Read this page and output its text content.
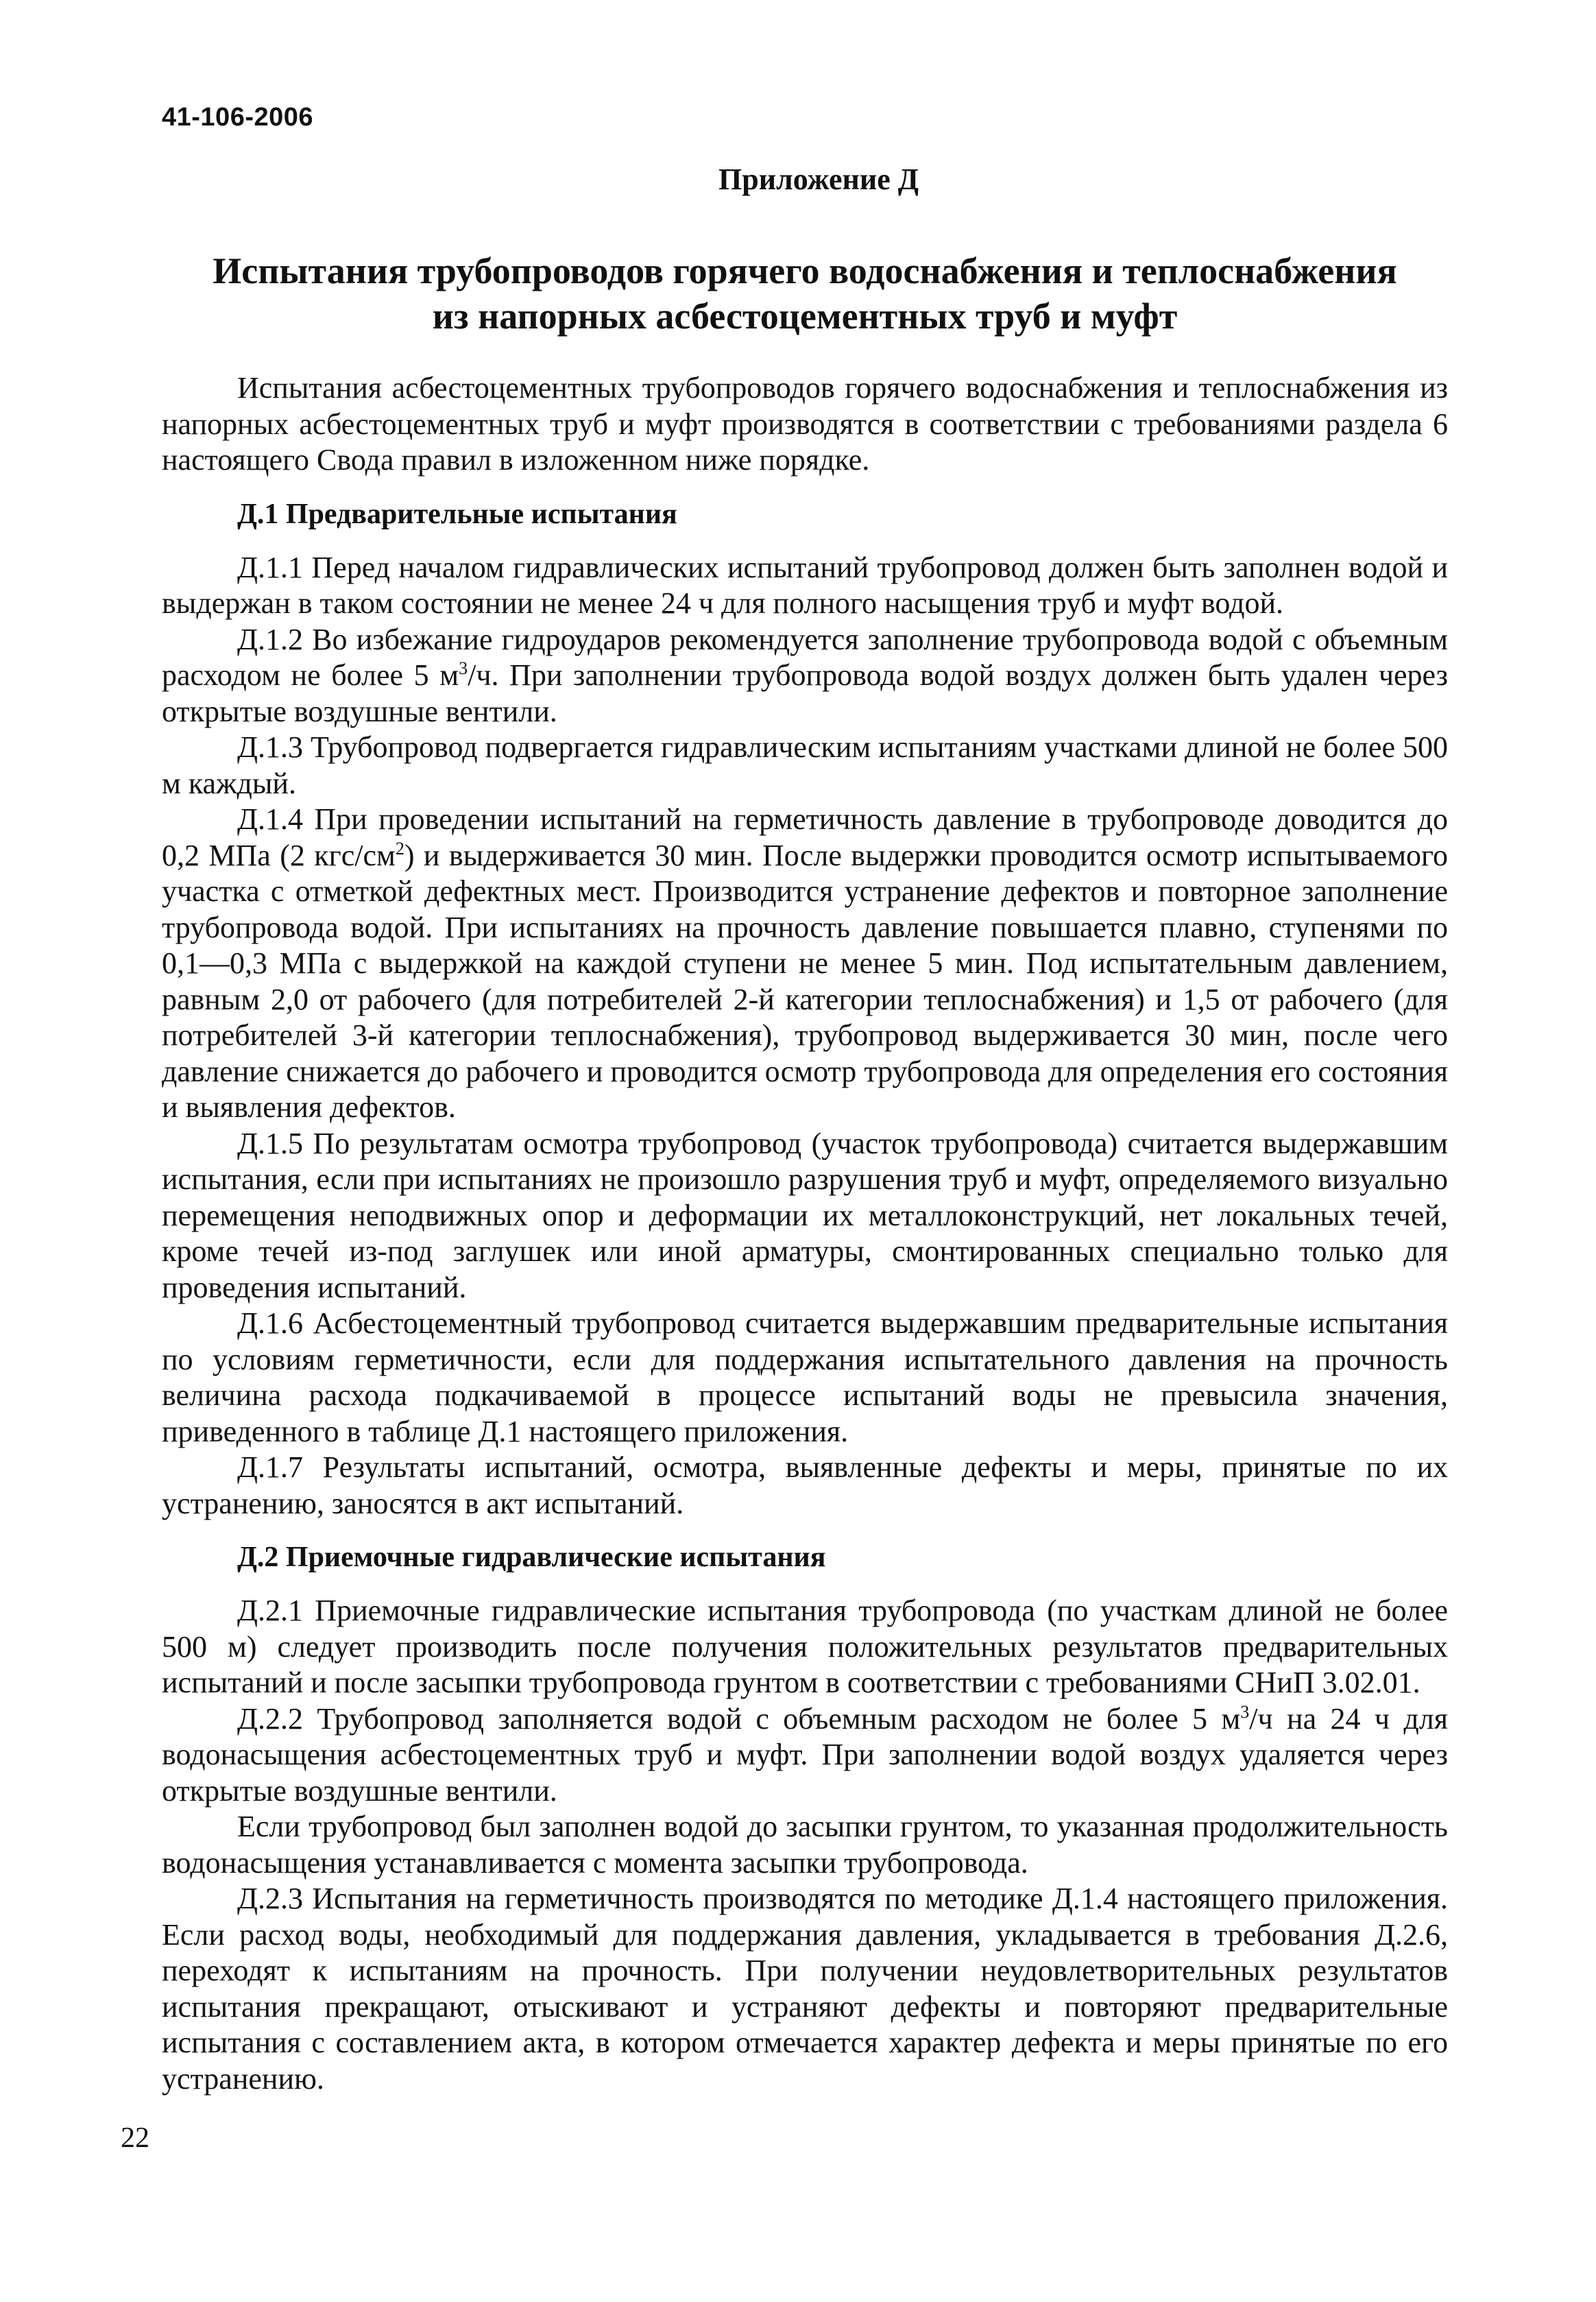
41-106-2006
Приложение Д
Испытания трубопроводов горячего водоснабжения и теплоснабжения
из напорных асбестоцементных труб и муфт

Испытания асбестоцементных трубопроводов горячего водоснабжения и теплоснабжения из напорных асбестоцементных труб и муфт производятся в соответствии с требованиями раздела 6 настоящего Свода правил в изложенном ниже порядке.

Д.1 Предварительные испытания

Д.1.1 Перед началом гидравлических испытаний трубопровод должен быть заполнен водой и выдержан в таком состоянии не менее 24 ч для полного насыщения труб и муфт водой.

Д.1.2 Во избежание гидроударов рекомендуется заполнение трубопровода водой с объемным расходом не более 5 $м^3/ч$. При заполнении трубопровода водой воздух должен быть удален через открытые воздушные вентили.

Д.1.3 Трубопровод подвергается гидравлическим испытаниям участками длиной не более 500 м каждый.

Д.1.4 При проведении испытаний на герметичность давление в трубопроводе доводится до 0,2 МПа (2 кгс/$см^2$) и выдерживается 30 мин. После выдержки проводится осмотр испытываемого участка с отметкой дефектных мест. Производится устранение дефектов и повторное заполнение трубопровода водой. При испытаниях на прочность давление повышается плавно, ступенями по 0,1—0,3 МПа с выдержкой на каждой ступени не менее 5 мин. Под испытательным давлением, равным 2,0 от рабочего (для потребителей 2-й категории теплоснабжения) и 1,5 от рабочего (для потребителей 3-й категории теплоснабжения), трубопровод выдерживается 30 мин, после чего давление снижается до рабочего и проводится осмотр трубопровода для определения его состояния и выявления дефектов.

Д.1.5 По результатам осмотра трубопровод (участок трубопровода) считается выдержавшим испытания, если при испытаниях не произошло разрушения труб и муфт, определяемого визуально перемещения неподвижных опор и деформации их металлоконструкций, нет локальных течей, кроме течей из-под заглушек или иной арматуры, смонтированных специально только для проведения испытаний.

Д.1.6 Асбестоцементный трубопровод считается выдержавшим предварительные испытания по условиям герметичности, если для поддержания испытательного давления на прочность величина расхода подкачиваемой в процессе испытаний воды не превысила значения, приведенного в таблице Д.1 настоящего приложения.

Д.1.7 Результаты испытаний, осмотра, выявленные дефекты и меры, принятые по их устранению, заносятся в акт испытаний.

Д.2 Приемочные гидравлические испытания

Д.2.1 Приемочные гидравлические испытания трубопровода (по участкам длиной не более 500 м) следует производить после получения положительных результатов предварительных испытаний и после засыпки трубопровода грунтом в соответствии с требованиями СНиП 3.02.01.

Д.2.2 Трубопровод заполняется водой с объемным расходом не более 5 $м^3/ч$ на 24 ч для водонасыщения асбестоцементных труб и муфт. При заполнении водой воздух удаляется через открытые воздушные вентили.

Если трубопровод был заполнен водой до засыпки грунтом, то указанная продолжительность водонасыщения устанавливается с момента засыпки трубопровода.

Д.2.3 Испытания на герметичность производятся по методике Д.1.4 настоящего приложения. Если расход воды, необходимый для поддержания давления, укладывается в требования Д.2.6, переходят к испытаниям на прочность. При получении неудовлетворительных результатов испытания прекращают, отыскивают и устраняют дефекты и повторяют предварительные испытания с составлением акта, в котором отмечается характер дефекта и меры принятые по его устранению.

22
